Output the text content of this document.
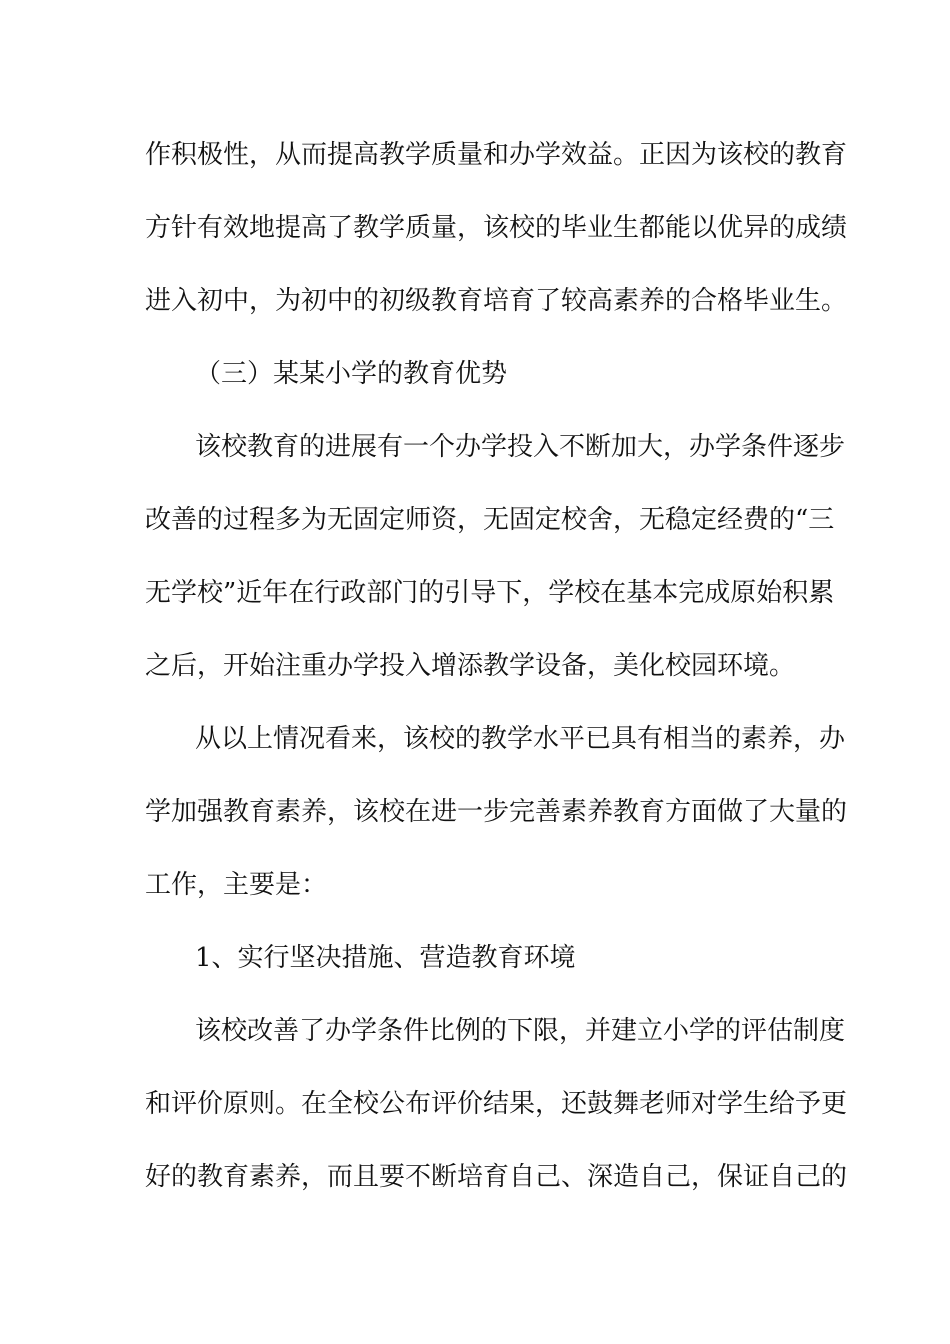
作积极性，从而提高教学质量和办学效益。正因为该校的教育
方针有效地提高了教学质量，该校的毕业生都能以优异的成绩
进入初中，为初中的初级教育培育了较高素养的合格毕业生。
（三）某某小学的教育优势
该校教育的进展有一个办学投入不断加大，办学条件逐步
改善的过程多为无固定师资，无固定校舍，无稳定经费的“三
无学校”近年在行政部门的引导下，学校在基本完成原始积累
之后，开始注重办学投入增添教学设备，美化校园环境。
从以上情况看来，该校的教学水平已具有相当的素养，办
学加强教育素养，该校在进一步完善素养教育方面做了大量的
工作，主要是：
1、实行坚决措施、营造教育环境
该校改善了办学条件比例的下限，并建立小学的评估制度
和评价原则。在全校公布评价结果，还鼓舞老师对学生给予更
好的教育素养，而且要不断培育自己、深造自己，保证自己的
